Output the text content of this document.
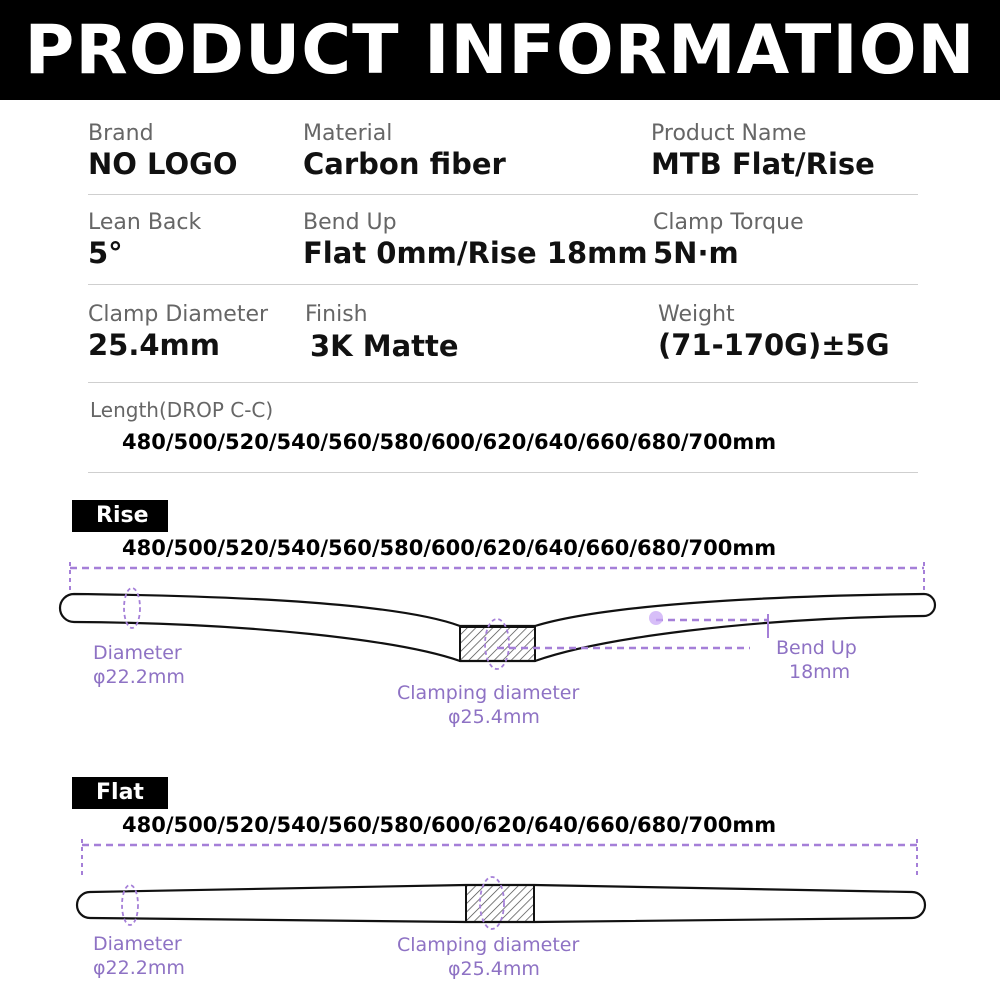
PRODUCT INFORMATION
Brand
NO LOGO
Material
Carbon fiber
Product Name
MTB Flat/Rise
Lean Back
5°
Bend Up
Flat 0mm/Rise 18mm
Clamp Torque
5N·m
Clamp Diameter
25.4mm
Finish
3K Matte
Weight
(71-170G)±5G
Length(DROP C-C)
480/500/520/540/560/580/600/620/640/660/680/700mm
Rise
480/500/520/540/560/580/600/620/640/660/680/700mm
Diameter
φ22.2mm
Clamping diameter
φ25.4mm
Bend Up
18mm
Flat
480/500/520/540/560/580/600/620/640/660/680/700mm
Diameter
φ22.2mm
Clamping diameter
φ25.4mm
